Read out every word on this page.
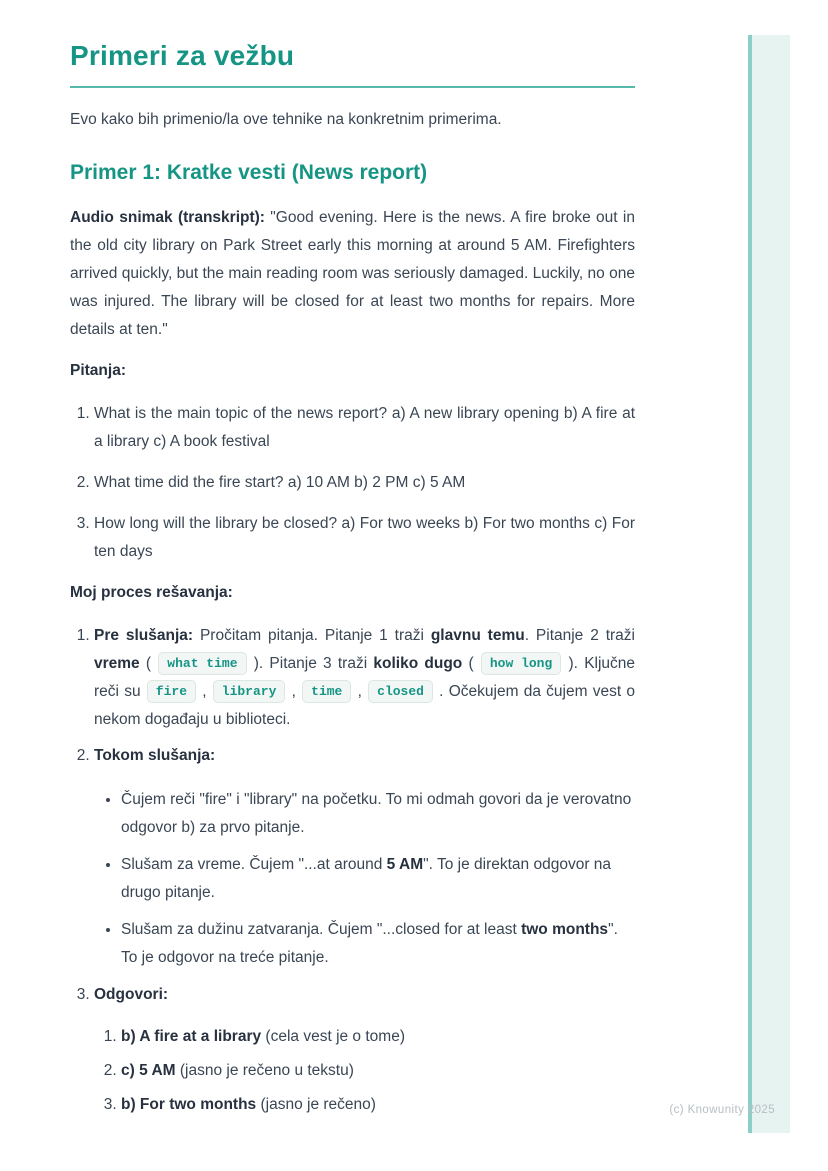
Primeri za vežbu

Evo kako bih primenio/la ove tehnike na konkretnim primerima.

Primer 1: Kratke vesti (News report)

Audio snimak (transkript): "Good evening. Here is the news. A fire broke out in the old city library on Park Street early this morning at around 5 AM. Firefighters arrived quickly, but the main reading room was seriously damaged. Luckily, no one was injured. The library will be closed for at least two months for repairs. More details at ten."

Pitanja:

1. What is the main topic of the news report? a) A new library opening b) A fire at a library c) A book festival
2. What time did the fire start? a) 10 AM b) 2 PM c) 5 AM
3. How long will the library be closed? a) For two weeks b) For two months c) For ten days

Moj proces rešavanja:

1. Pre slušanja: Pročitam pitanja. Pitanje 1 traži glavnu temu. Pitanje 2 traži vreme ( what time ). Pitanje 3 traži koliko dugo ( how long ). Ključne reči su fire , library , time , closed . Očekujem da čujem vest o nekom događaju u biblioteci.
2. Tokom slušanja:
• Čujem reči "fire" i "library" na početku. To mi odmah govori da je verovatno odgovor b) za prvo pitanje.
• Slušam za vreme. Čujem "...at around 5 AM". To je direktan odgovor na drugo pitanje.
• Slušam za dužinu zatvaranja. Čujem "...closed for at least two months". To je odgovor na treće pitanje.
3. Odgovori:
1. b) A fire at a library (cela vest je o tome)
2. c) 5 AM (jasno je rečeno u tekstu)
3. b) For two months (jasno je rečeno)	(c) Knowunity 2025
